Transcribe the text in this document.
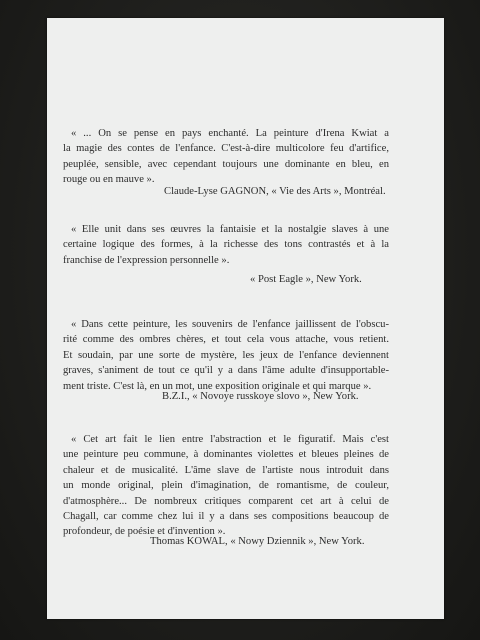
« ... On se pense en pays enchanté. La peinture d'Irena Kwiat a
la magie des contes de l'enfance. C'est-à-dire multicolore feu d'artifice,
peuplée, sensible, avec cependant toujours une dominante en bleu, en
rouge ou en mauve ».

Claude-Lyse GAGNON, « Vie des Arts », Montréal.

« Elle unit dans ses œuvres la fantaisie et la nostalgie slaves à une
certaine logique des formes, à la richesse des tons contrastés et à la
franchise de l'expression personnelle ».

« Post Eagle », New York.

« Dans cette peinture, les souvenirs de l'enfance jaillissent de l'obscu-
rité comme des ombres chères, et tout cela vous attache, vous retient.
Et soudain, par une sorte de mystère, les jeux de l'enfance deviennent
graves, s'animent de tout ce qu'il y a dans l'âme adulte d'insupportable-
ment triste. C'est là, en un mot, une exposition originale et qui marque ».

B.Z.I., « Novoye russkoye slovo », New York.

« Cet art fait le lien entre l'abstraction et le figuratif. Mais c'est
une peinture peu commune, à dominantes violettes et bleues pleines de
chaleur et de musicalité. L'âme slave de l'artiste nous introduit dans
un monde original, plein d'imagination, de romantisme, de couleur,
d'atmosphère... De nombreux critiques comparent cet art à celui de
Chagall, car comme chez lui il y a dans ses compositions beaucoup de
profondeur, de poésie et d'invention ».

Thomas KOWAL, « Nowy Dziennik », New York.
